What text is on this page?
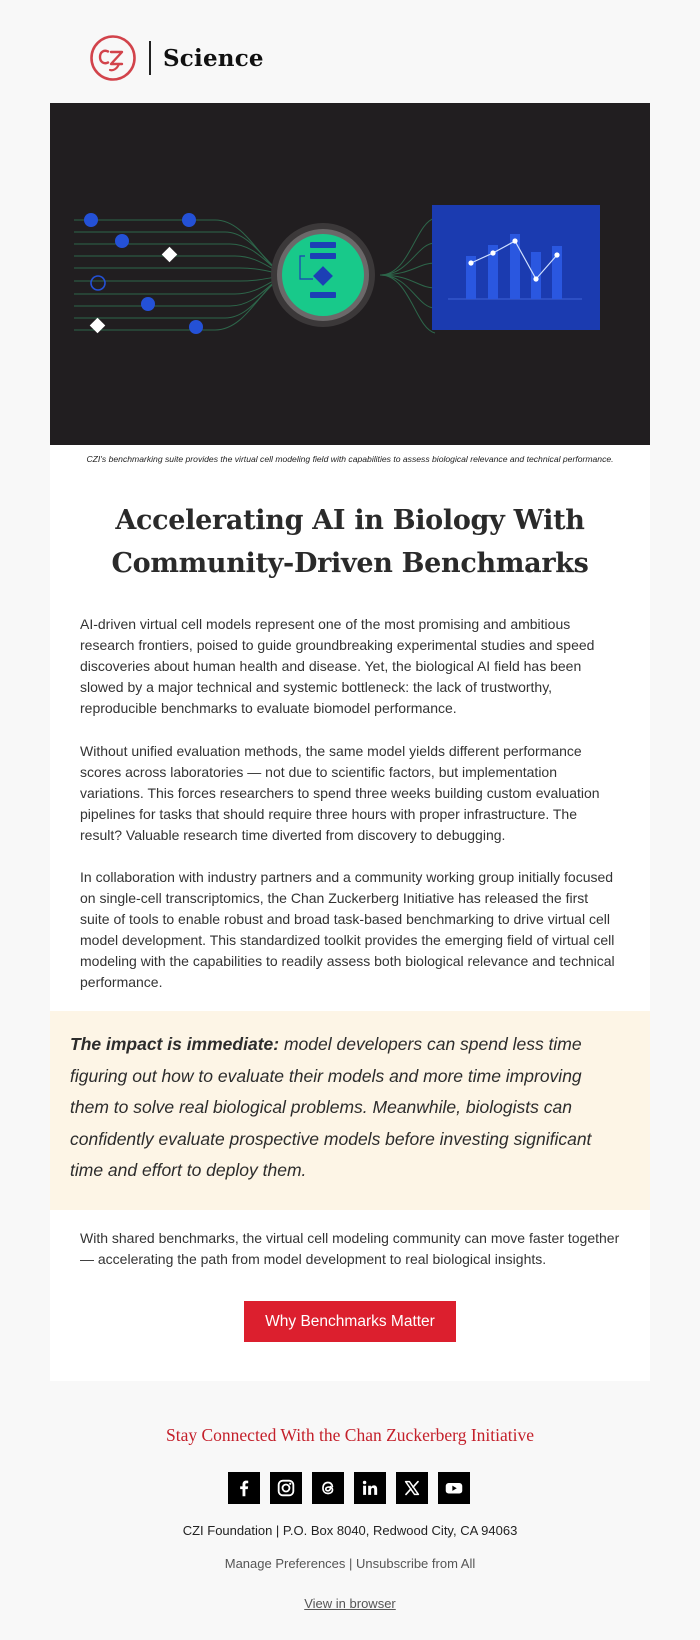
Science
CZI's benchmarking suite provides the virtual cell modeling field with capabilities to assess biological relevance and technical performance.
Accelerating AI in Biology With Community-Driven Benchmarks

AI-driven virtual cell models represent one of the most promising and ambitious research frontiers, poised to guide groundbreaking experimental studies and speed discoveries about human health and disease. Yet, the biological AI field has been slowed by a major technical and systemic bottleneck: the lack of trustworthy, reproducible benchmarks to evaluate biomodel performance.

Without unified evaluation methods, the same model yields different performance scores across laboratories — not due to scientific factors, but implementation variations. This forces researchers to spend three weeks building custom evaluation pipelines for tasks that should require three hours with proper infrastructure. The result? Valuable research time diverted from discovery to debugging.

In collaboration with industry partners and a community working group initially focused on single-cell transcriptomics, the Chan Zuckerberg Initiative has released the first suite of tools to enable robust and broad task-based benchmarking to drive virtual cell model development. This standardized toolkit provides the emerging field of virtual cell modeling with the capabilities to readily assess both biological relevance and technical performance.

The impact is immediate: model developers can spend less time figuring out how to evaluate their models and more time improving them to solve real biological problems. Meanwhile, biologists can confidently evaluate prospective models before investing significant time and effort to deploy them.

With shared benchmarks, the virtual cell modeling community can move faster together — accelerating the path from model development to real biological insights.

Why Benchmarks Matter
Stay Connected With the Chan Zuckerberg Initiative
CZI Foundation | P.O. Box 8040, Redwood City, CA 94063
Manage Preferences | Unsubscribe from All
View in browser
